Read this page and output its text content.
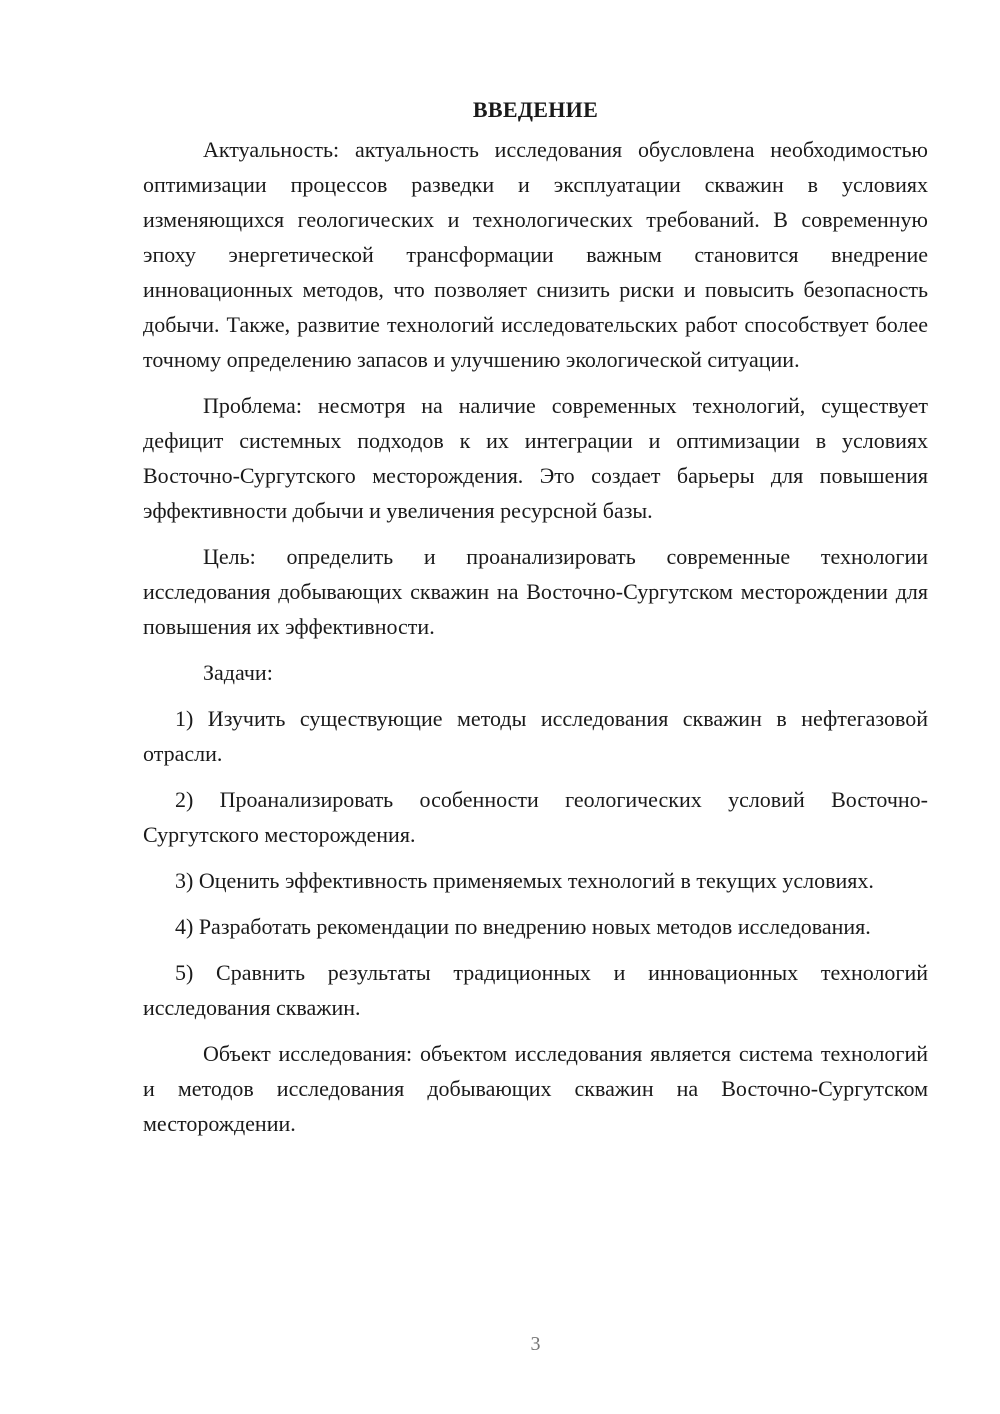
ВВЕДЕНИЕ

Актуальность: актуальность исследования обусловлена необходимостью оптимизации процессов разведки и эксплуатации скважин в условиях изменяющихся геологических и технологических требований. В современную эпоху энергетической трансформации важным становится внедрение инновационных методов, что позволяет снизить риски и повысить безопасность добычи. Также, развитие технологий исследовательских работ способствует более точному определению запасов и улучшению экологической ситуации.

Проблема: несмотря на наличие современных технологий, существует дефицит системных подходов к их интеграции и оптимизации в условиях Восточно-Сургутского месторождения. Это создает барьеры для повышения эффективности добычи и увеличения ресурсной базы.

Цель: определить и проанализировать современные технологии исследования добывающих скважин на Восточно-Сургутском месторождении для повышения их эффективности.

Задачи:

1) Изучить существующие методы исследования скважин в нефтегазовой отрасли.

2) Проанализировать особенности геологических условий Восточно-Сургутского месторождения.

3) Оценить эффективность применяемых технологий в текущих условиях.

4) Разработать рекомендации по внедрению новых методов исследования.

5) Сравнить результаты традиционных и инновационных технологий исследования скважин.

Объект исследования: объектом исследования является система технологий и методов исследования добывающих скважин на Восточно-Сургутском месторождении.

3
